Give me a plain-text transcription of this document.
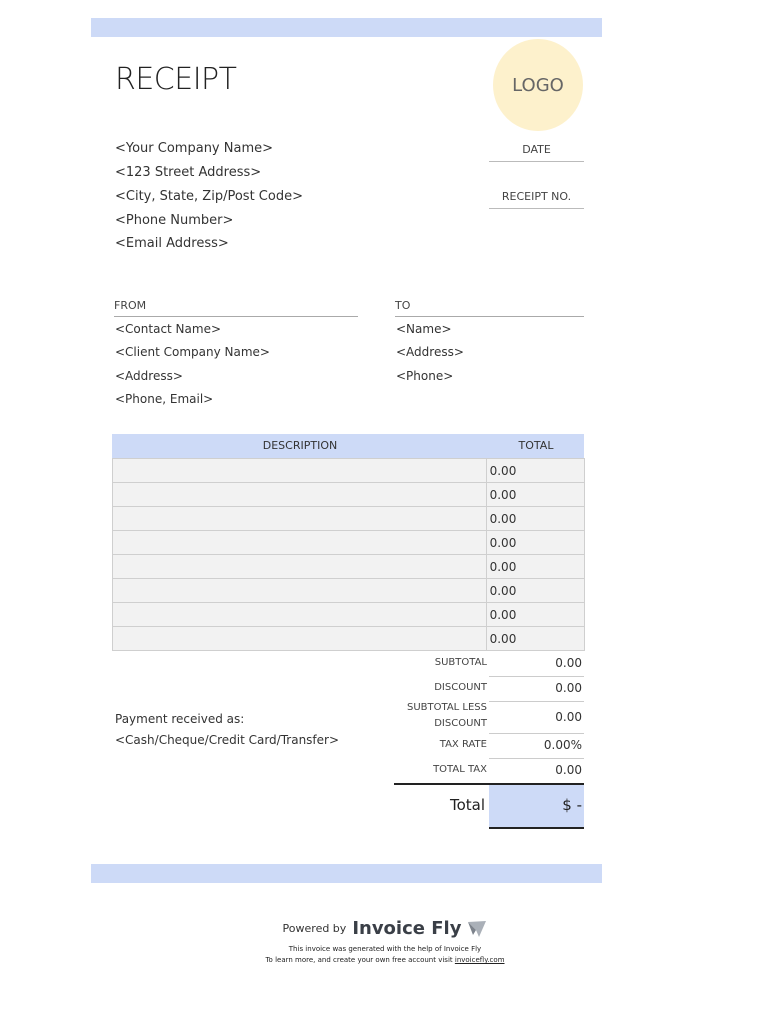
RECEIPT	LOGO
<Your Company Name>
<123 Street Address>
<City, State, Zip/Post Code>
<Phone Number>
<Email Address>
DATE
RECEIPT NO.
FROM
<Contact Name>
<Client Company Name>
<Address>
<Phone, Email>
TO
<Name>
<Address>
<Phone>
DESCRIPTION	TOTAL
	0.00
	0.00
	0.00
	0.00
	0.00
	0.00
	0.00
	0.00
SUBTOTAL	0.00
DISCOUNT	0.00
SUBTOTAL LESS
DISCOUNT	0.00
TAX RATE	0.00%
TOTAL TAX	0.00
Payment received as:
<Cash/Cheque/Credit Card/Transfer>
Total	$ -
Powered by Invoice Fly
This invoice was generated with the help of Invoice Fly
To learn more, and create your own free account visit invoicefly.com
